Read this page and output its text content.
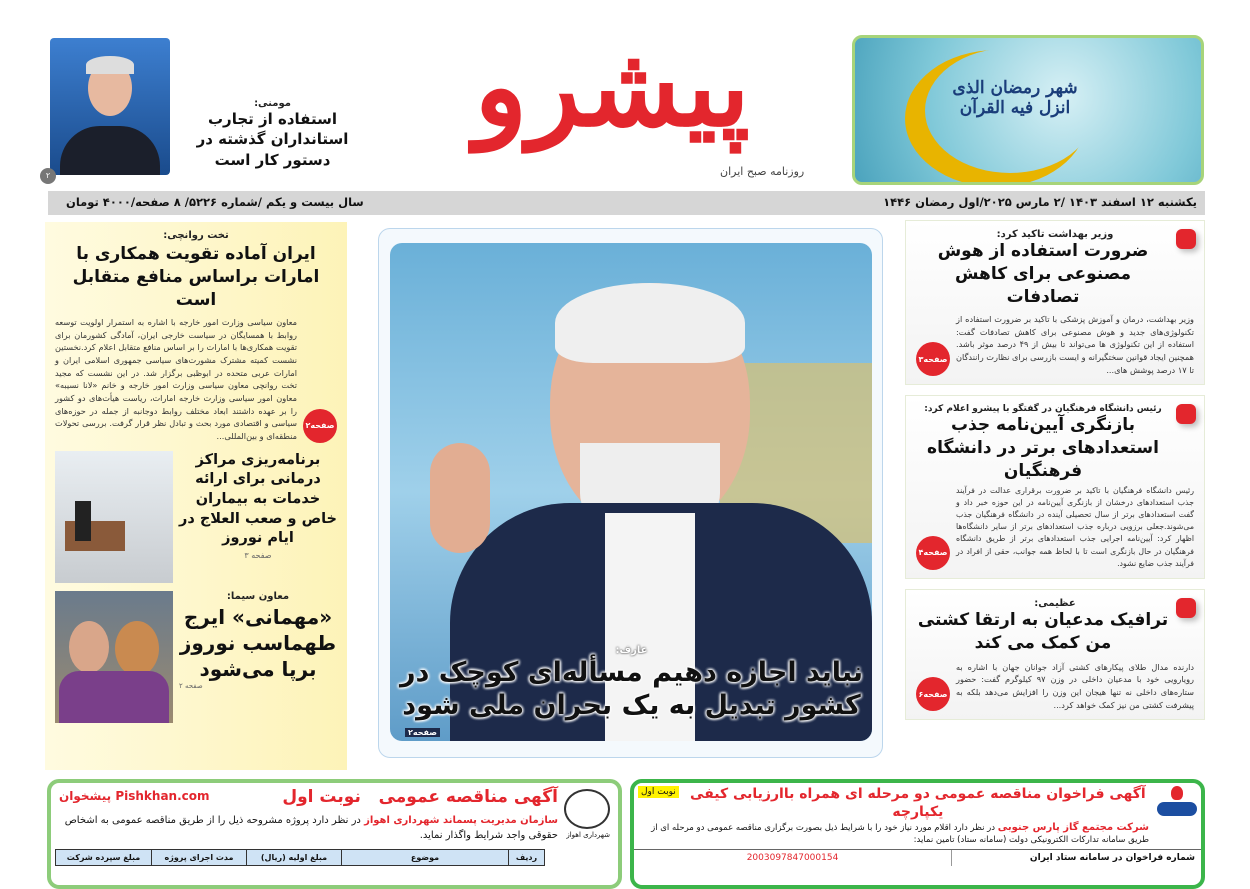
۲
مومنی:
استفاده از تجارب استانداران گذشته در دستور کار است
پیشرو
روزنامه صبح ایران
شهر رمضان الذی انزل فیه القرآن
یکشنبه ۱۲ اسفند ۱۴۰۳ /۲ مارس ۲۰۲۵/اول رمضان ۱۴۴۶
سال بیست و یکم /شماره ۵۲۲۶/ ۸ صفحه/۴۰۰۰ تومان
تخت روانچی:
ایران آماده تقویت همکاری با امارات براساس منافع متقابل است
صفحه۲
معاون سیاسی وزارت امور خارجه با اشاره به استمرار اولویت توسعه روابط با همسایگان در سیاست خارجی ایران، آمادگی کشورمان برای تقویت همکاری‌ها با امارات را بر اساس منافع متقابل اعلام کرد.نخستین نشست کمیته مشترک مشورت‌های سیاسی جمهوری اسلامی ایران و امارات عربی متحده در ابوظبی برگزار شد. در این نشست که مجید تخت روانچی معاون سیاسی وزارت امور خارجه و خانم «لانا نسیبه» معاون امور سیاسی وزارت خارجه امارات، ریاست هیأت‌های دو کشور را بر عهده داشتند ابعاد مختلف روابط دوجانبه از جمله در حوزه‌های سیاسی و اقتصادی مورد بحث و تبادل نظر قرار گرفت. بررسی تحولات منطقه‌ای و بین‌المللی...
برنامه‌ریزی مراکز درمانی برای ارائه خدمات به بیماران خاص و صعب العلاج در ایام نوروز
صفحه ۳
معاون سیما:
«مهمانی» ایرج طهماسب نوروز برپا می‌شود
صفحه ۲
عارف:
نباید اجازه دهیم مسأله‌ای کوچک در کشور تبدیل به یک بحران ملی شود
صفحه۲
وزیر بهداشت تاکید کرد:
ضرورت استفاده از هوش مصنوعی برای کاهش تصادفات
صفحه۳
وزیر بهداشت، درمان و آموزش پزشکی با تاکید بر ضرورت استفاده از تکنولوژی‌های جدید و هوش مصنوعی برای کاهش تصادفات گفت: استفاده از این تکنولوژی ها می‌تواند تا بیش از ۴۹ درصد موثر باشد. همچنین ایجاد قوانین سختگیرانه و ایست بازرسی برای نظارت رانندگان تا ۱۷ درصد پوشش های...
رئیس دانشگاه فرهنگیان در گفتگو با پیشرو اعلام کرد:
بازنگری آیین‌نامه جذب استعدادهای برتر در دانشگاه فرهنگیان
صفحه۴
رئیس دانشگاه فرهنگیان با تاکید بر ضرورت برقراری عدالت در فرآیند جذب استعدادهای درخشان از بازنگری آیین‌نامه در این حوزه خبر داد و گفت استعدادهای برتر از سال تحصیلی آینده در دانشگاه فرهنگیان جذب می‌شوند.جعلی برزویی درباره جذب استعدادهای برتر از سایر دانشگاه‌ها اظهار کرد: آیین‌نامه اجرایی جذب استعدادهای برتر از طریق دانشگاه فرهنگیان در حال بازنگری است تا با لحاظ همه جوانب، حقی از افراد در فرآیند جذب ضایع نشود.
عظیمی:
ترافیک مدعیان به ارتقا کشتی من کمک می کند
صفحه۶
دارنده مدال طلای پیکارهای کشتی آزاد جوانان جهان با اشاره به رویارویی خود با مدعیان داخلی در وزن ۹۷ کیلوگرم گفت: حضور ستاره‌های داخلی نه تنها هیجان این وزن را افزایش می‌دهد بلکه به پیشرفت کشتی من نیز کمک خواهد کرد...
نوبت اول	آگهی فراخوان مناقصه عمومی دو مرحله ای همراه باارزیابی کیفی یکپارچه
شرکت مجتمع گاز پارس جنوبی در نظر دارد اقلام مورد نیاز خود را با شرایط ذیل بصورت برگزاری مناقصه عمومی دو مرحله ای از طریق سامانه تدارکات الکترونیکی دولت (سامانه ستاد) تامین نماید:
شماره فراخوان در سامانه ستاد ایران
2003097847000154
شهرداری اهواز
پیشخوان Pishkhan.com	آگهی مناقصه عمومی   نوبت اول
سازمان مدیریت پسماند شهرداری اهواز در نظر دارد پروژه مشروحه ذیل را از طریق مناقصه عمومی به اشخاص حقوقی واجد شرایط واگذار نماید.
ردیف
موضوع
مبلغ اولیه (ریال)
مدت اجرای پروژه
مبلغ سپرده شرکت
